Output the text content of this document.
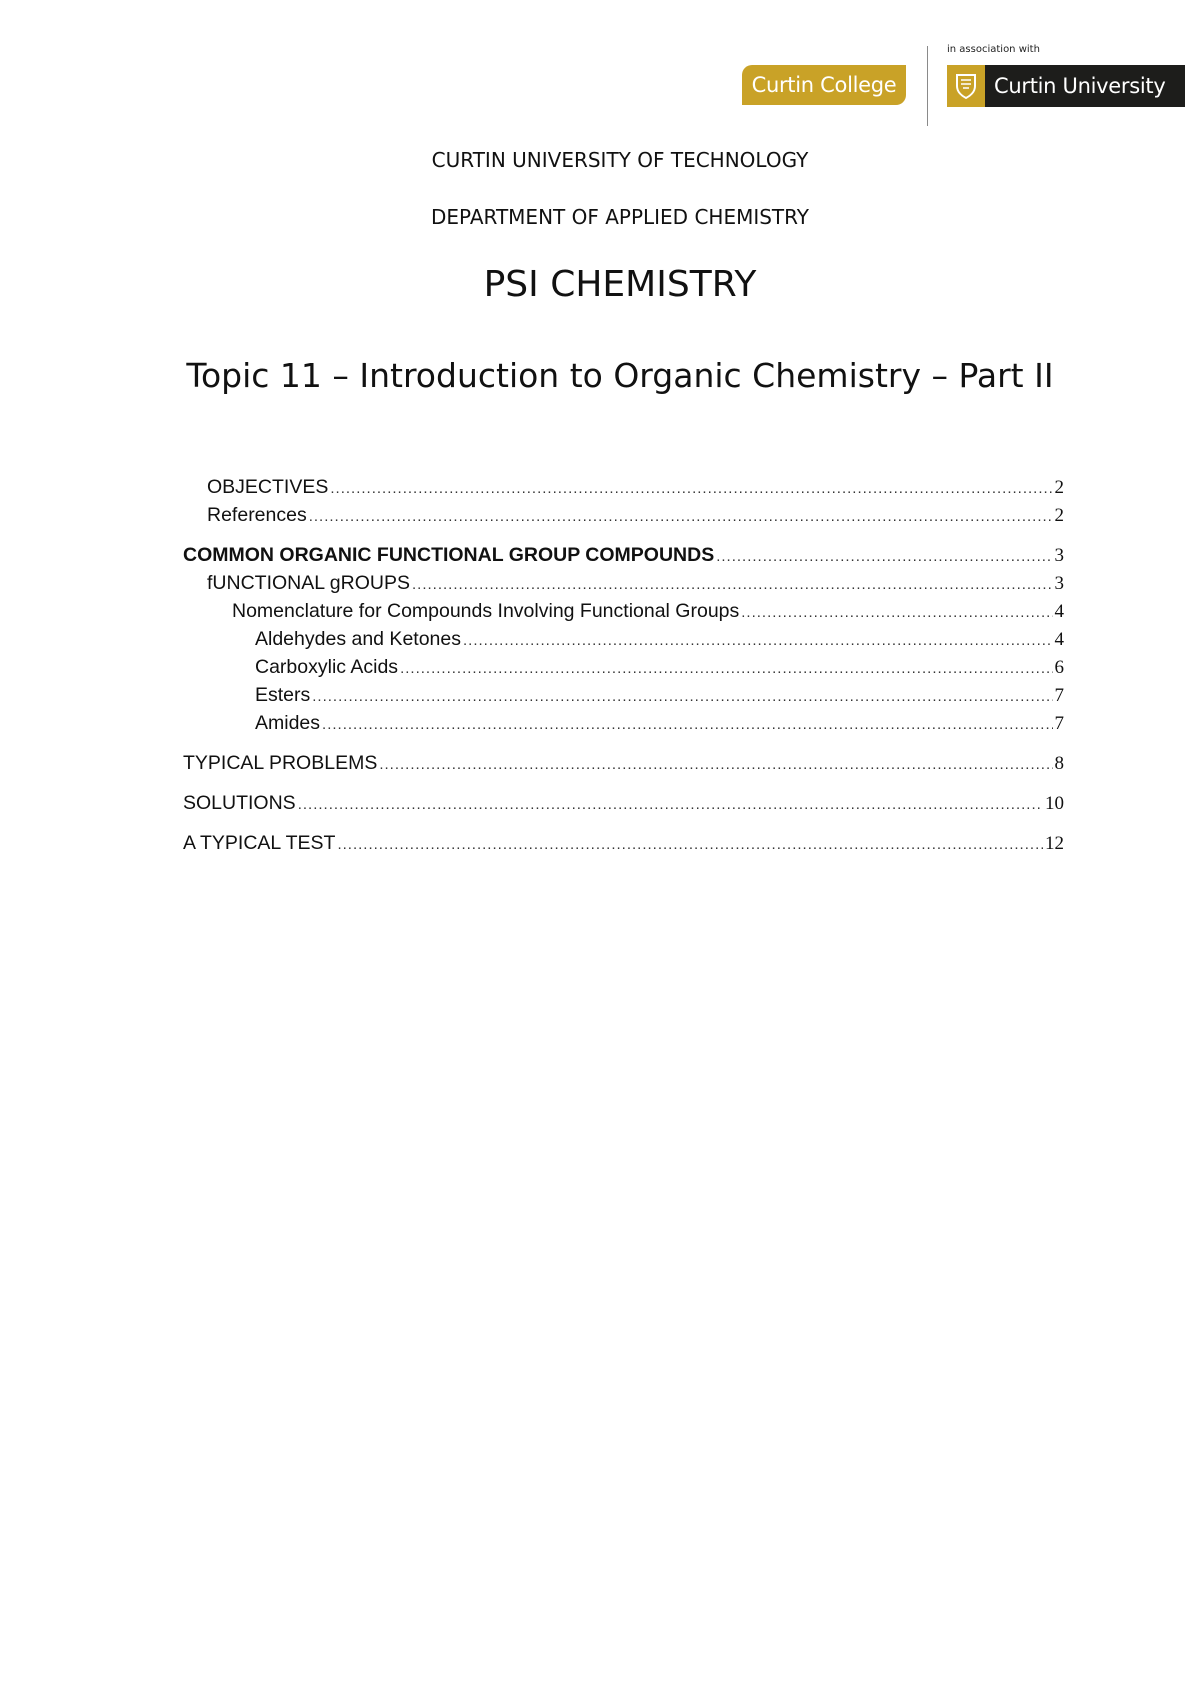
Curtin College
in association with
Curtin University
CURTIN UNIVERSITY OF TECHNOLOGY
DEPARTMENT OF APPLIED CHEMISTRY
PSI CHEMISTRY
Topic 11 – Introduction to Organic Chemistry – Part II
OBJECTIVES .....	2
References .....	2
COMMON ORGANIC FUNCTIONAL GROUP COMPOUNDS .....	3
fUNCTIONAL gROUPS .....	3
Nomenclature for Compounds Involving Functional Groups .....	4
Aldehydes and Ketones .....	4
Carboxylic Acids .....	6
Esters .....	7
Amides .....	7
TYPICAL PROBLEMS .....	8
SOLUTIONS .....	10
A TYPICAL TEST .....	12
